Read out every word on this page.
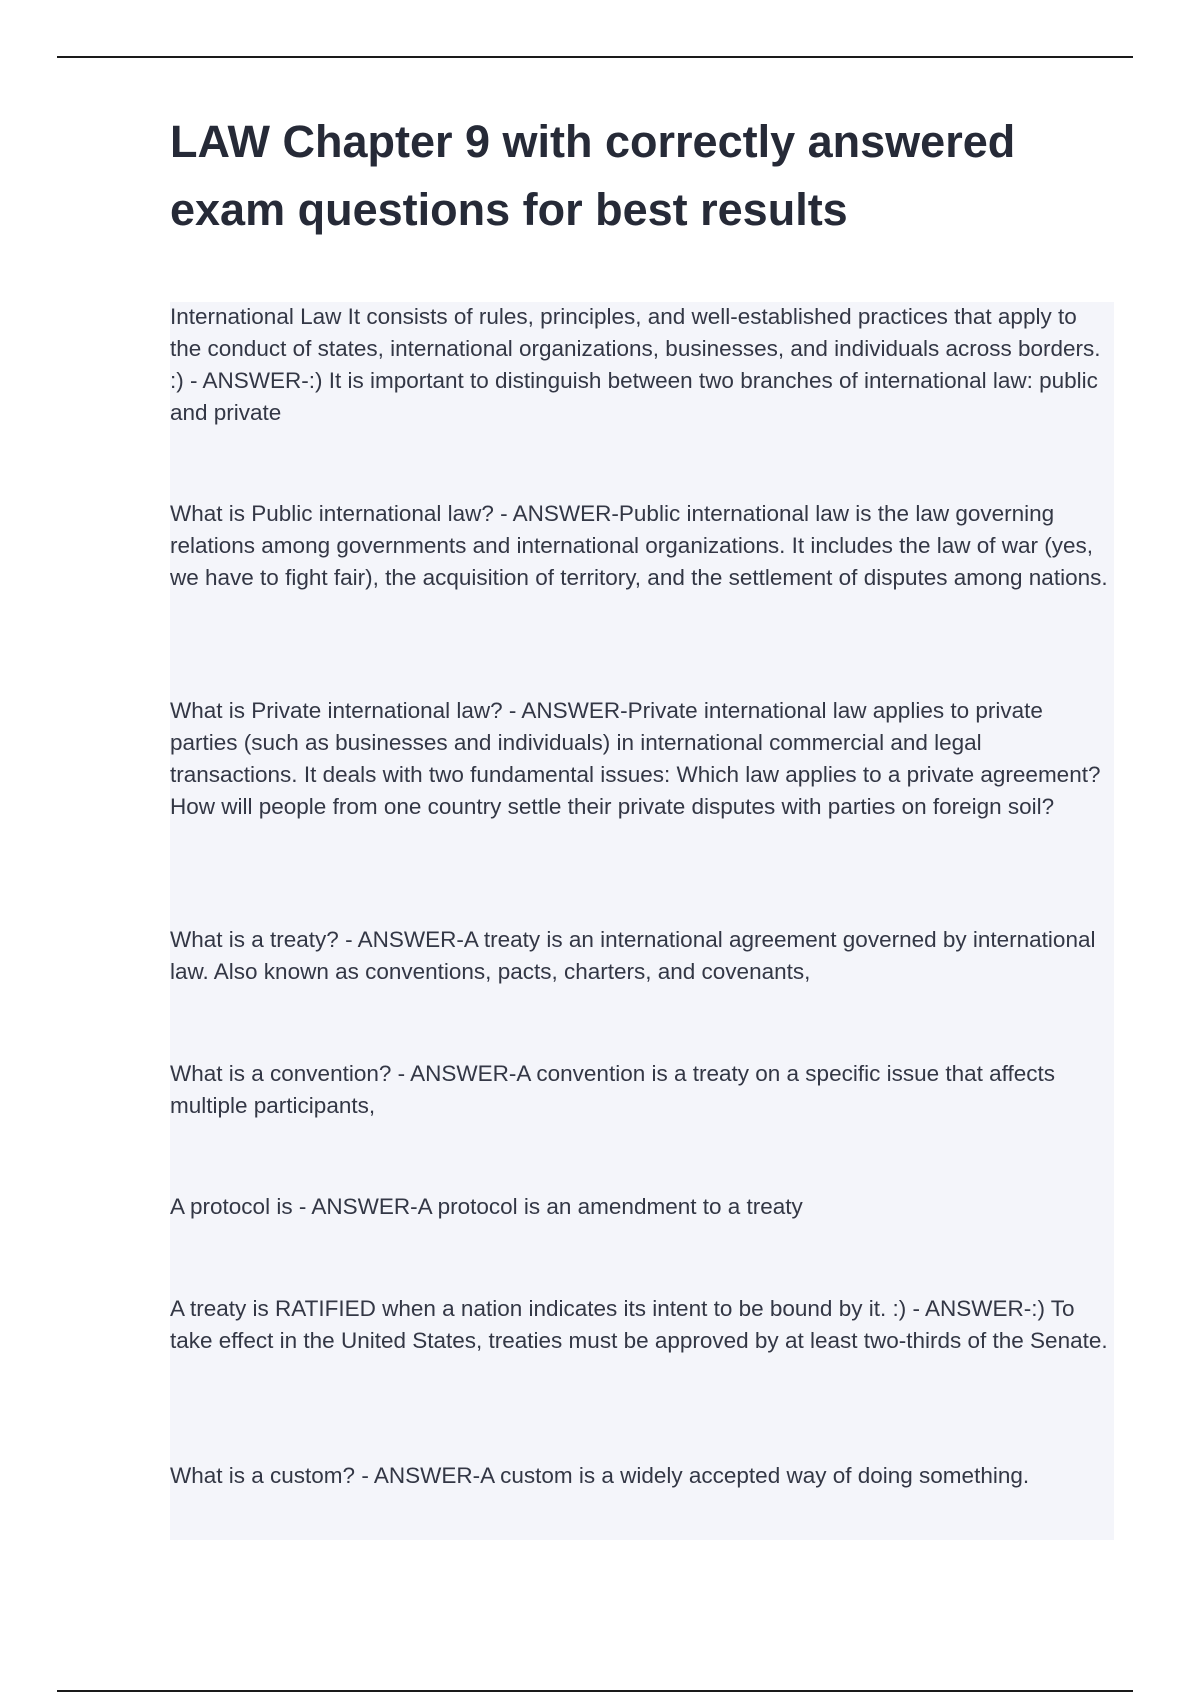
LAW Chapter 9 with correctly answered exam questions for best results

International Law It consists of rules, principles, and well-established practices that apply to the conduct of states, international organizations, businesses, and individuals across borders. :) - ANSWER-:) It is important to distinguish between two branches of international law: public and private

What is Public international law? - ANSWER-Public international law is the law governing relations among governments and international organizations. It includes the law of war (yes, we have to fight fair), the acquisition of territory, and the settlement of disputes among nations.

What is Private international law? - ANSWER-Private international law applies to private parties (such as businesses and individuals) in international commercial and legal transactions. It deals with two fundamental issues: Which law applies to a private agreement? How will people from one country settle their private disputes with parties on foreign soil?

What is a treaty? - ANSWER-A treaty is an international agreement governed by international law. Also known as conventions, pacts, charters, and covenants,

What is a convention? - ANSWER-A convention is a treaty on a specific issue that affects multiple participants,

A protocol is - ANSWER-A protocol is an amendment to a treaty

A treaty is RATIFIED when a nation indicates its intent to be bound by it. :) - ANSWER-:) To take effect in the United States, treaties must be approved by at least two-thirds of the Senate.

What is a custom? - ANSWER-A custom is a widely accepted way of doing something.
